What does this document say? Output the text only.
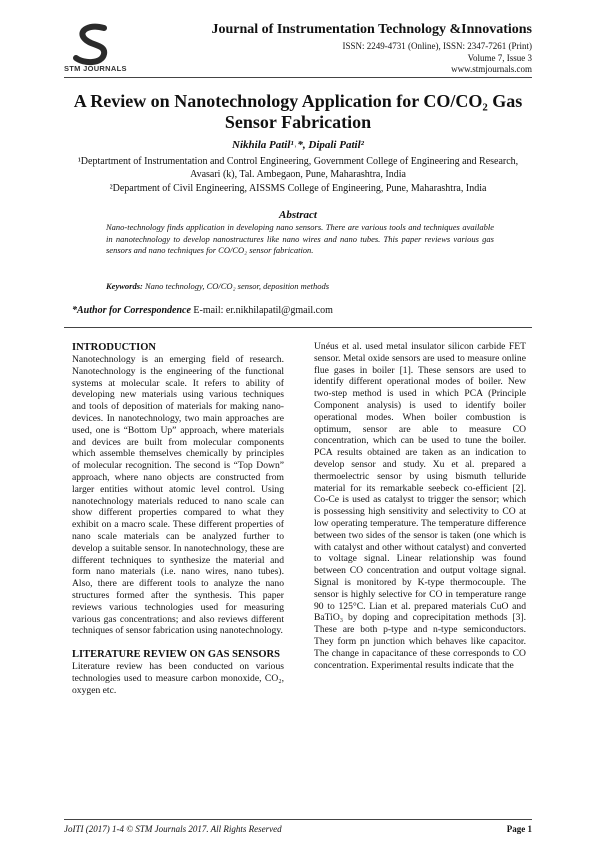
STM JOURNALS
Journal of Instrumentation Technology &Innovations
ISSN: 2249-4731 (Online), ISSN: 2347-7261 (Print)
Volume 7, Issue 3
www.stmjournals.com
A Review on Nanotechnology Application for CO/CO₂ Gas
Sensor Fabrication
Nikhila Patil¹˒*, Dipali Patil²
¹Deptartment of Instrumentation and Control Engineering, Government College of Engineering and Research, Avasari (k), Tal. Ambegaon, Pune, Maharashtra, India
²Department of Civil Engineering, AISSMS College of Engineering, Pune, Maharashtra, India
Abstract
Nano-technology finds application in developing nano sensors. There are various tools and techniques available in nanotechnology to develop nanostructures like nano wires and nano tubes. This paper reviews various gas sensors and nano techniques for CO/CO₂ sensor fabrication.
Keywords: Nano technology, CO/CO₂ sensor, deposition methods
*Author for Correspondence E-mail: er.nikhilapatil@gmail.com

INTRODUCTION

Nanotechnology is an emerging field of research. Nanotechnology is the engineering of the functional systems at molecular scale. It refers to ability of developing new materials using various techniques and tools of deposition of materials for making nano-devices. In nanotechnology, two main approaches are used, one is “Bottom Up” approach, where materials and devices are built from molecular components which assemble themselves chemically by principles of molecular recognition. The second is “Top Down” approach, where nano objects are constructed from larger entities without atomic level control. Using nanotechnology materials reduced to nano scale can show different properties compared to what they exhibit on a macro scale. These different properties of nano scale materials can be analyzed further to develop a suitable sensor. In nanotechnology, these are different techniques to synthesize the material and form nano materials (i.e. nano wires, nano tubes). Also, there are different tools to analyze the nano structures formed after the synthesis. This paper reviews various technologies used for measuring various gas concentrations; and also reviews different techniques of sensor fabrication using nanotechnology.

LITERATURE REVIEW ON GAS SENSORS

Literature review has been conducted on various technologies used to measure carbon monoxide, CO₂, oxygen etc.

Unéus et al. used metal insulator silicon carbide FET sensor. Metal oxide sensors are used to measure online flue gases in boiler [1]. These sensors are used to identify different operational modes of boiler. New two-step method is used in which PCA (Principle Component analysis) is used to identify boiler operational modes. When boiler combustion is optimum, sensor are able to measure CO concentration, which can be used to tune the boiler. PCA results obtained are taken as an indication to develop sensor and study. Xu et al. prepared a thermoelectric sensor by using bismuth telluride material for its remarkable seebeck co-efficient [2]. Co-Ce is used as catalyst to trigger the sensor; which is possessing high sensitivity and selectivity to CO at low operating temperature. The temperature difference between two sides of the sensor is taken (one which is with catalyst and other without catalyst) and converted to voltage signal. Linear relationship was found between CO concentration and output voltage signal. Signal is monitored by K-type thermocouple. The sensor is highly selective for CO in temperature range 90 to 125°C. Lian et al. prepared materials CuO and BaTiO₃ by doping and coprecipitation methods [3]. These are both p-type and n-type semiconductors. They form pn junction which behaves like capacitor. The change in capacitance of these corresponds to CO concentration. Experimental results indicate that the

JoITI (2017) 1-4 © STM Journals 2017. All Rights Reserved	Page 1
